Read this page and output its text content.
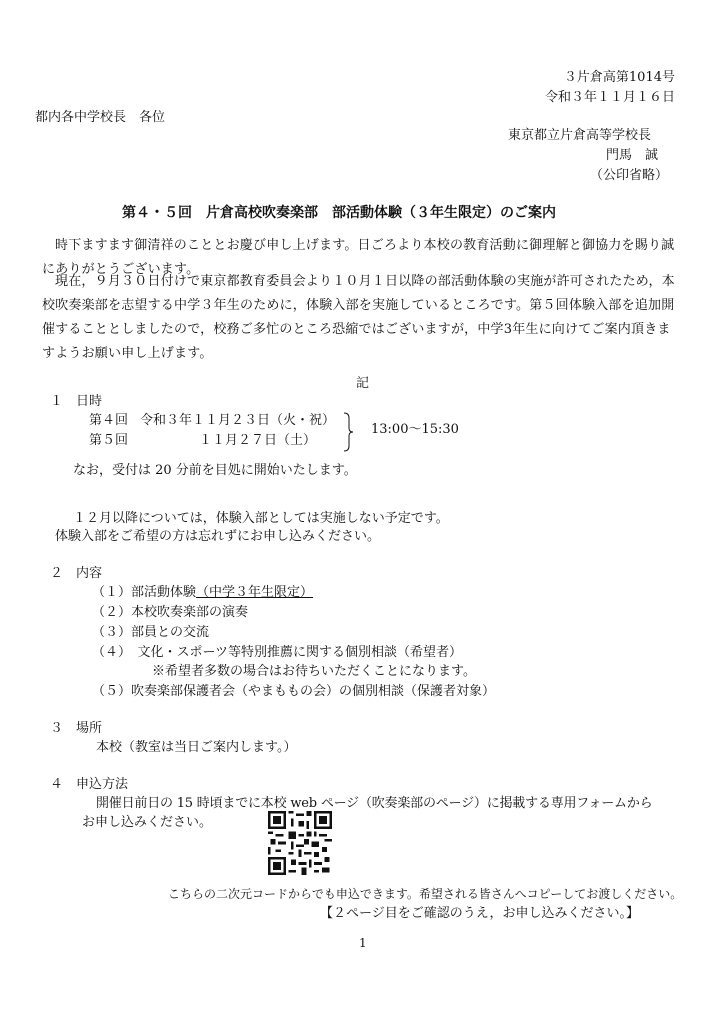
３片倉高第1014号
令和３年１１月１６日
都内各中学校長　各位
東京都立片倉高等学校長
門馬　誠
（公印省略）
第４・５回　片倉高校吹奏楽部　部活動体験（３年生限定）のご案内
時下ますます御清祥のこととお慶び申し上げます。日ごろより本校の教育活動に御理解と御協力を賜り誠にありがとうございます。
現在，９月３０日付けで東京都教育委員会より１０月１日以降の部活動体験の実施が許可されたため，本校吹奏楽部を志望する中学３年生のために，体験入部を実施しているところです。第５回体験入部を追加開催することとしましたので，校務ご多忙のところ恐縮ではございますが，中学3年生に向けてご案内頂きますようお願い申し上げます。
記
１　日時
第４回 令和３年１１月２３日（火・祝）
第５回	１１月２７日（土）
13:00～15:30
なお，受付は 20 分前を目処に開始いたします。
１２月以降については，体験入部としては実施しない予定です。
体験入部をご希望の方は忘れずにお申し込みください。
２　内容
（１）部活動体験（中学３年生限定）
（２）本校吹奏楽部の演奏
（３）部員との交流
（４）　文化・スポーツ等特別推薦に関する個別相談（希望者）
※希望者多数の場合はお待ちいただくことになります。
（５）吹奏楽部保護者会（やまももの会）の個別相談（保護者対象）
３　場所
本校（教室は当日ご案内します。）
４　申込方法
開催日前日の 15 時頃までに本校 web ページ（吹奏楽部のページ）に掲載する専用フォームから
お申し込みください。
こちらの二次元コードからでも申込できます。希望される皆さんへコピーしてお渡しください。
【２ページ目をご確認のうえ，お申し込みください。】
1
